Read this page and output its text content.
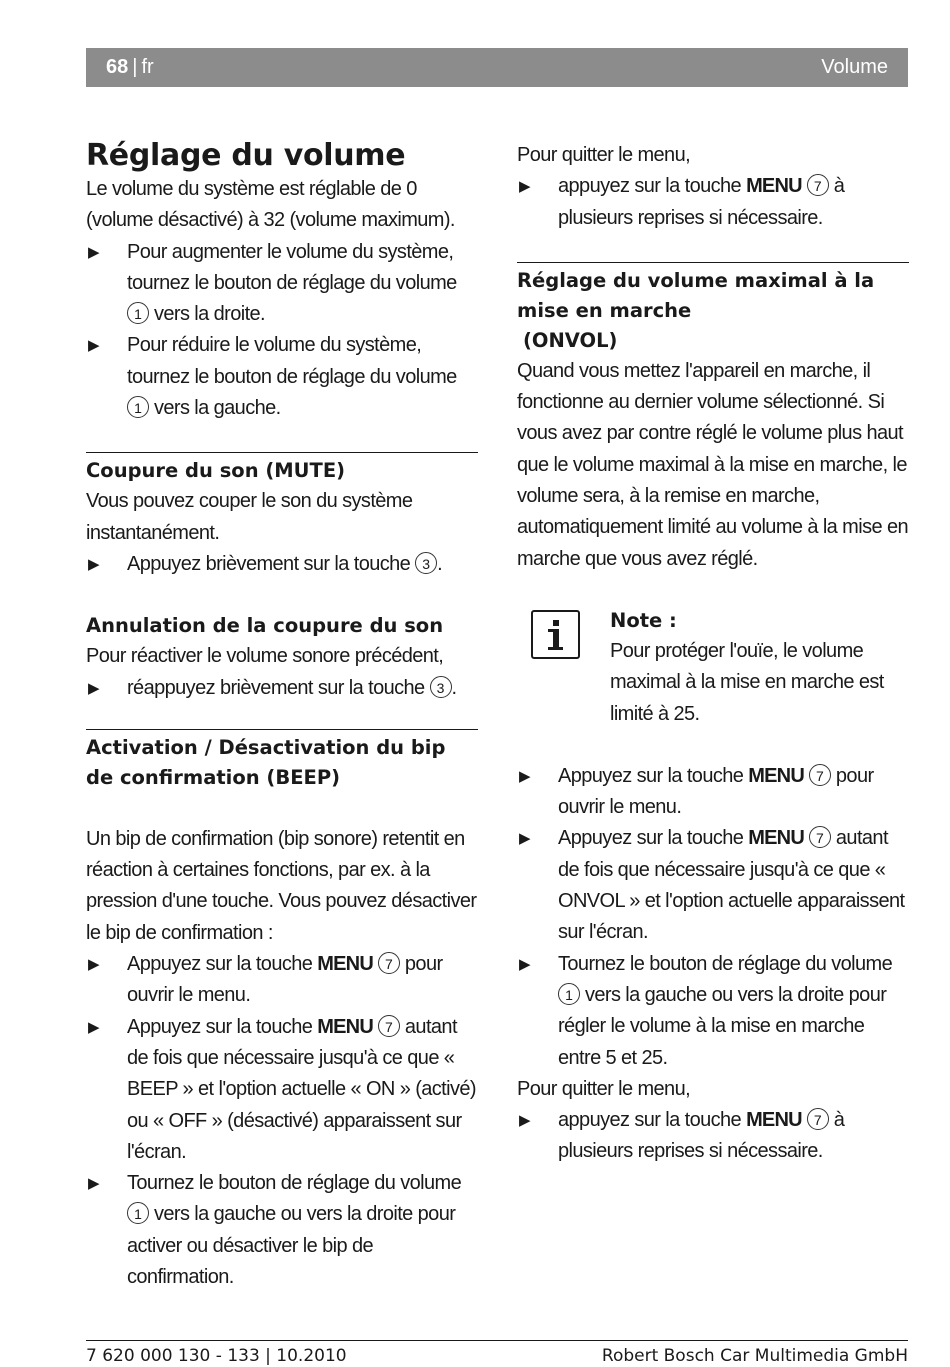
68 | fr	Volume
Réglage du volume

Le volume du système est réglable de 0 (volume désactivé) à 32 (volume maximum).

▶	Pour augmenter le volume du système, tournez le bouton de réglage du volume 1 vers la droite.
▶	Pour réduire le volume du système, tournez le bouton de réglage du volume 1 vers la gauche.
Coupure du son (MUTE)

Vous pouvez couper le son du système instantanément.

▶	Appuyez brièvement sur la touche 3 .
Annulation de la coupure du son

Pour réactiver le volume sonore précédent,

▶	réappuyez brièvement sur la touche 3 .
Activation / Désactivation du bip de confirmation (BEEP)

Un bip de confirmation (bip sonore) retentit en réaction à certaines fonctions, par ex. à la pression d'une touche. Vous pouvez désactiver le bip de confirmation :

▶	Appuyez sur la touche MENU 7 pour ouvrir le menu.
▶	Appuyez sur la touche MENU 7 autant de fois que nécessaire jusqu'à ce que « BEEP » et l'option actuelle « ON » (activé) ou « OFF » (désactivé) apparaissent sur l'écran.
▶	Tournez le bouton de réglage du volume 1 vers la gauche ou vers la droite pour activer ou désactiver le bip de confirmation.

Pour quitter le menu,

▶	appuyez sur la touche MENU 7 à plusieurs reprises si nécessaire.
Réglage du volume maximal à la mise en marche
(ONVOL)

Quand vous mettez l'appareil en marche, il fonctionne au dernier volume sélectionné. Si vous avez par contre réglé le volume plus haut que le volume maximal à la mise en marche, le volume sera, à la remise en marche, automatiquement limité au volume à la mise en marche que vous avez réglé.

Note :

Pour protéger l'ouïe, le volume maximal à la mise en marche est limité à 25.

▶	Appuyez sur la touche MENU 7 pour ouvrir le menu.
▶	Appuyez sur la touche MENU 7 autant de fois que nécessaire jusqu'à ce que « ONVOL » et l'option actuelle apparaissent sur l'écran.
▶	Tournez le bouton de réglage du volume 1 vers la gauche ou vers la droite pour régler le volume à la mise en marche entre 5 et 25.

Pour quitter le menu,

▶	appuyez sur la touche MENU 7 à plusieurs reprises si nécessaire.
7 620 000 130 - 133 | 10.2010	Robert Bosch Car Multimedia GmbH
